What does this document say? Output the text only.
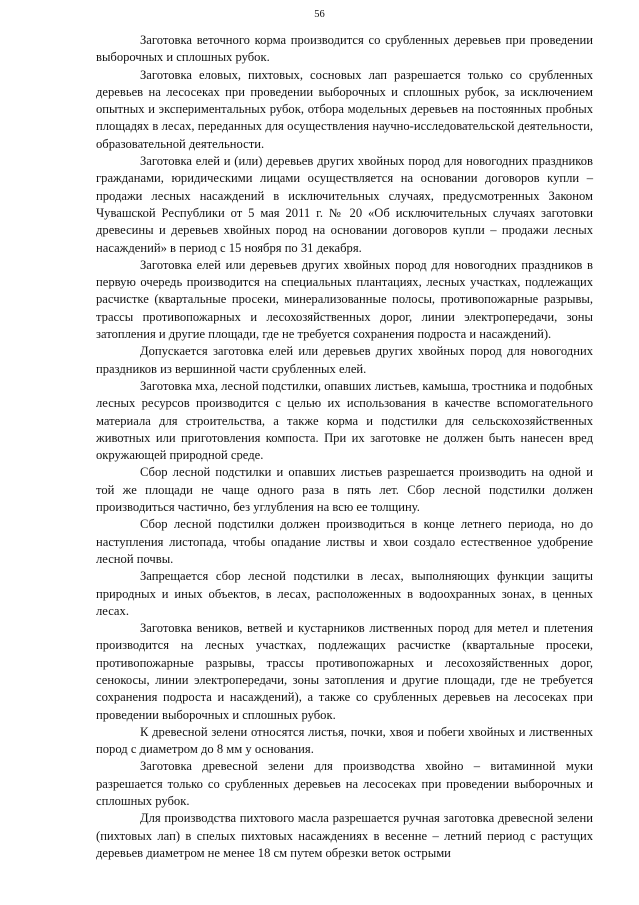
56

Заготовка веточного корма производится со срубленных деревьев при проведении выборочных и сплошных рубок.

Заготовка еловых, пихтовых, сосновых лап разрешается только со срубленных деревьев на лесосеках при проведении выборочных и сплошных рубок, за исключением опытных и экспериментальных рубок, отбора модельных деревьев на постоянных пробных площадях в лесах, переданных для осуществления научно-исследовательской деятельности, образовательной деятельности.

Заготовка елей и (или) деревьев других хвойных пород для новогодних праздников гражданами, юридическими лицами осуществляется на основании договоров купли – продажи лесных насаждений в исключительных случаях, предусмотренных Законом Чувашской Республики от 5 мая 2011 г. № 20 «Об исключительных случаях заготовки древесины и деревьев хвойных пород на основании договоров купли – продажи лесных насаждений» в период с 15 ноября по 31 декабря.

Заготовка елей или деревьев других хвойных пород для новогодних праздников в первую очередь производится на специальных плантациях, лесных участках, подлежащих расчистке (квартальные просеки, минерализованные полосы, противопожарные разрывы, трассы противопожарных и лесохозяйственных дорог, линии электропередачи, зоны затопления и другие площади, где не требуется сохранения подроста и насаждений).

Допускается заготовка елей или деревьев других хвойных пород для новогодних праздников из вершинной части срубленных елей.

Заготовка мха, лесной подстилки, опавших листьев, камыша, тростника и подобных лесных ресурсов производится с целью их использования в качестве вспомогательного материала для строительства, а также корма и подстилки для сельскохозяйственных животных или приготовления компоста. При их заготовке не должен быть нанесен вред окружающей природной среде.

Сбор лесной подстилки и опавших листьев разрешается производить на одной и той же площади не чаще одного раза в пять лет. Сбор лесной подстилки должен производиться частично, без углубления на всю ее толщину.

Сбор лесной подстилки должен производиться в конце летнего периода, но до наступления листопада, чтобы опадание листвы и хвои создало естественное удобрение лесной почвы.

Запрещается сбор лесной подстилки в лесах, выполняющих функции защиты природных и иных объектов, в лесах, расположенных в водоохранных зонах, в ценных лесах.

Заготовка веников, ветвей и кустарников лиственных пород для метел и плетения производится на лесных участках, подлежащих расчистке (квартальные просеки, противопожарные разрывы, трассы противопожарных и лесохозяйственных дорог, сенокосы, линии электропередачи, зоны затопления и другие площади, где не требуется сохранения подроста и насаждений), а также со срубленных деревьев на лесосеках при проведении выборочных и сплошных рубок.

К древесной зелени относятся листья, почки, хвоя и побеги хвойных и лиственных пород с диаметром до 8 мм у основания.

Заготовка древесной зелени для производства хвойно – витаминной муки разрешается только со срубленных деревьев на лесосеках при проведении выборочных и сплошных рубок.

Для производства пихтового масла разрешается ручная заготовка древесной зелени (пихтовых лап) в спелых пихтовых насаждениях в весенне – летний период с растущих деревьев диаметром не менее 18 см путем обрезки веток острыми
